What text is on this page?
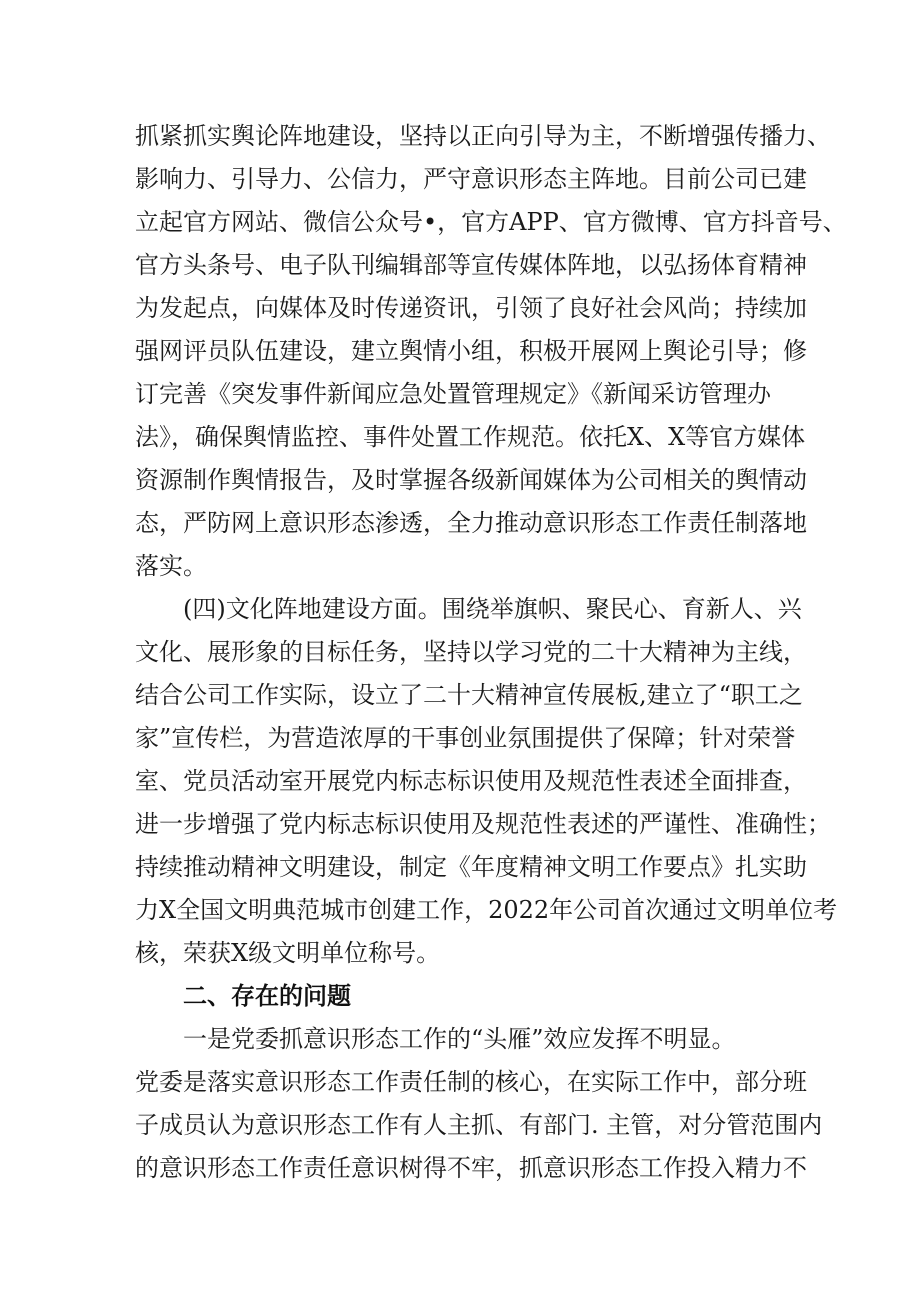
抓紧抓实舆论阵地建设，坚持以正向引导为主，不断增强传播力、
影响力、引导力、公信力，严守意识形态主阵地。目前公司已建
立起官方网站、微信公众号•，官方APP、官方微博、官方抖音号、
官方头条号、电子队刊编辑部等宣传媒体阵地，以弘扬体育精神
为发起点，向媒体及时传递资讯，引领了良好社会风尚；持续加
强网评员队伍建设，建立舆情小组，积极开展网上舆论引导；修
订完善《突发事件新闻应急处置管理规定》《新闻采访管理办
法》，确保舆情监控、事件处置工作规范。依托X、X等官方媒体
资源制作舆情报告，及时掌握各级新闻媒体为公司相关的舆情动
态，严防网上意识形态渗透，全力推动意识形态工作责任制落地
落实。
(四)文化阵地建设方面。围绕举旗帜、聚民心、育新人、兴
文化、展形象的目标任务，坚持以学习党的二十大精神为主线，
结合公司工作实际，设立了二十大精神宣传展板,建立了“职工之
家”宣传栏，为营造浓厚的干事创业氛围提供了保障；针对荣誉
室、党员活动室开展党内标志标识使用及规范性表述全面排查，
进一步增强了党内标志标识使用及规范性表述的严谨性、准确性；
持续推动精神文明建设，制定《年度精神文明工作要点》扎实助
力X全国文明典范城市创建工作，2022年公司首次通过文明单位考
核，荣获X级文明单位称号。
二、存在的问题
一是党委抓意识形态工作的“头雁”效应发挥不明显。
党委是落实意识形态工作责任制的核心，在实际工作中，部分班
子成员认为意识形态工作有人主抓、有部门. 主管，对分管范围内
的意识形态工作责任意识树得不牢，抓意识形态工作投入精力不
